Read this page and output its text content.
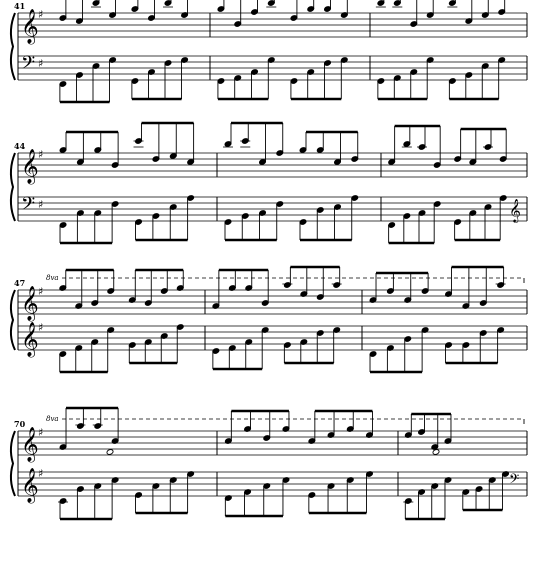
41
𝄞
𝄢
♯
♯
44
𝄞
𝄢
♯
♯	𝄞
47	8va
𝄞
𝄞
♯
♯
70	8va
𝄞
𝄞
♯
♯	𝄢
